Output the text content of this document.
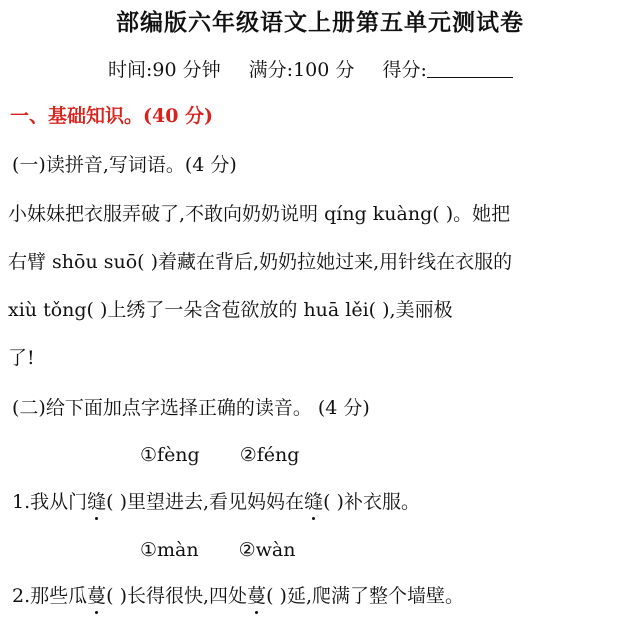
部编版六年级语文上册第五单元测试卷
时间:90 分钟 满分:100 分 得分:
一、基础知识。(40 分)
(一)读拼音,写词语。(4 分)
小妹妹把衣服弄破了,不敢向奶奶说明 qíng kuàng( )。她把
右臂 shōu suō( )着藏在背后,奶奶拉她过来,用针线在衣服的
xiù tǒng( )上绣了一朵含苞欲放的 huā lěi( ),美丽极
了!
(二)给下面加点字选择正确的读音。 (4 分)
①fèng ②féng
1.我从门缝( )里望进去,看见妈妈在缝( )补衣服。
①màn ②wàn
2.那些瓜蔓( )长得很快,四处蔓( )延,爬满了整个墙壁。
